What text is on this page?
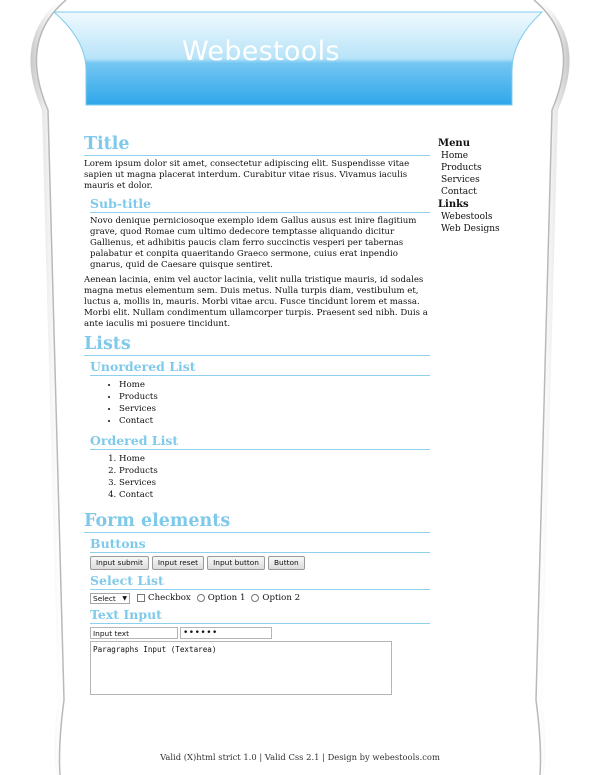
Webestools
Title
Lorem ipsum dolor sit amet, consectetur adipiscing elit. Suspendisse vitae sapien ut magna placerat interdum. Curabitur vitae risus. Vivamus iaculis mauris et dolor.
Sub-title
Novo denique perniciosoque exemplo idem Gallus ausus est inire flagitium grave, quod Romae cum ultimo dedecore temptasse aliquando dicitur Gallienus, et adhibitis paucis clam ferro succinctis vesperi per tabernas palabatur et conpita quaeritando Graeco sermone, cuius erat inpendio gnarus, quid de Caesare quisque sentiret.
Aenean lacinia, enim vel auctor lacinia, velit nulla tristique mauris, id sodales magna metus elementum sem. Duis metus. Nulla turpis diam, vestibulum et, luctus a, mollis in, mauris. Morbi vitae arcu. Fusce tincidunt lorem et massa. Morbi elit. Nullam condimentum ullamcorper turpis. Praesent sed nibh. Duis a ante iaculis mi posuere tincidunt.
Lists
Unordered List
• Home
• Products
• Services
• Contact
Ordered List
1. Home
2. Products
3. Services
4. Contact
Form elements
Buttons
Input submit	Input reset	Input button	Button
Select List
Select ▼ Checkbox Option 1 Option 2
Text Input
Input text	••••••
Paragraphs Input (Textarea)
Menu
Home
Products
Services
Contact
Links
Webestools
Web Designs
Valid (X)html strict 1.0 | Valid Css 2.1 | Design by webestools.com
